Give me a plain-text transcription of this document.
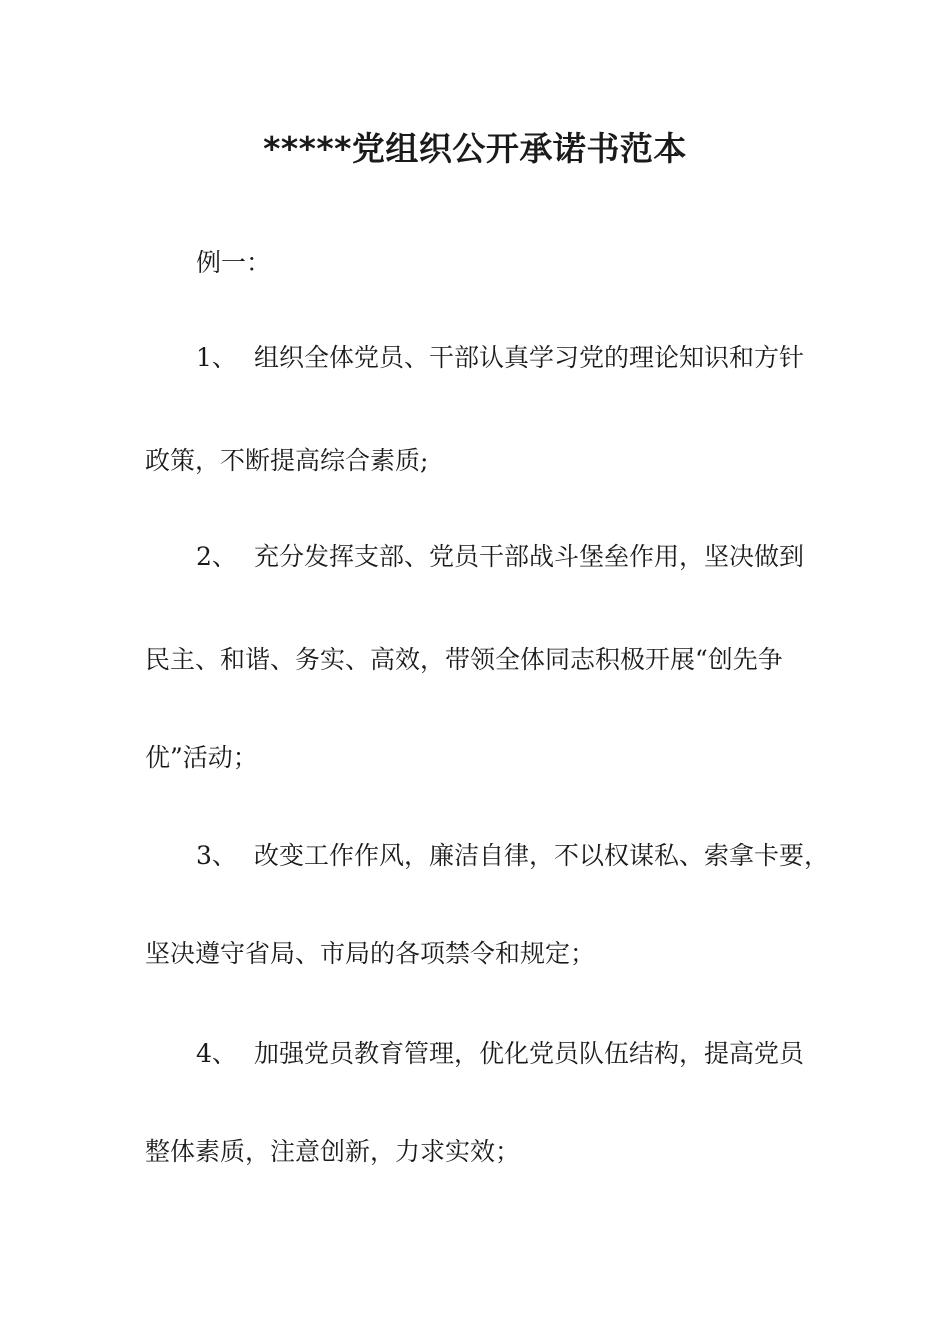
*****党组织公开承诺书范本
例一：
1、 组织全体党员、干部认真学习党的理论知识和方针
政策，不断提高综合素质;
2、 充分发挥支部、党员干部战斗堡垒作用，坚决做到
民主、和谐、务实、高效，带领全体同志积极开展“创先争
优”活动；
3、 改变工作作风，廉洁自律，不以权谋私、索拿卡要，
坚决遵守省局、市局的各项禁令和规定；
4、 加强党员教育管理，优化党员队伍结构，提高党员
整体素质，注意创新，力求实效；
